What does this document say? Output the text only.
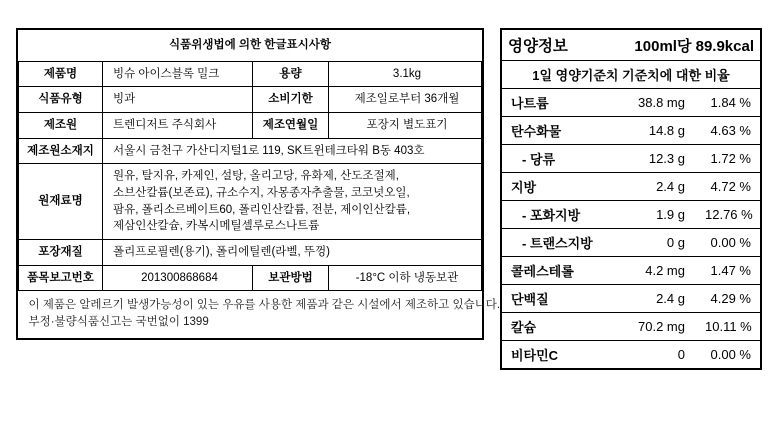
식품위생법에 의한 한글표시사항			
제품명	빙슈 아이스블록 밀크	용량	3.1kg
식품유형	빙과	소비기한	제조일로부터 36개월
제조원	트렌디저트 주식회사	제조연월일	포장지 별도표기
제조원소재지	서울시 금천구 가산디지털1로 119, SK트윈테크타워 B동 403호		
원재료명	원유, 탈지유, 카제인, 설탕, 올리고당, 유화제, 산도조절제,
소브산칼륨(보존료), 규소수지, 자몽종자추출물, 코코넛오일,
팜유, 폴리소르베이트60, 폴리인산칼륨, 전분, 제이인산칼륨,
제삼인산칼슘, 카복시메틸셀루로스나트륨		

포장재질	폴리프로필렌(용기), 폴리에틸렌(라벨, 뚜껑)		
품목보고번호	201300868684	보관방법	-18°C 이하 냉동보관

이 제품은 알레르기 발생가능성이 있는 우유를 사용한 제품과 같은 시설에서 제조하고 있습니다.
부정·불량식품신고는 국번없이 1399			
영양정보 100ml당 89.9kcal		

1일 영양기준치 기준치에 대한 비율		
나트륨	38.8 mg	1.84 %
탄수화물	14.8 g	4.63 %
- 당류	12.3 g	1.72 %
지방	2.4 g	4.72 %
- 포화지방	1.9 g	12.76 %
- 트랜스지방	0 g	0.00 %
콜레스테롤	4.2 mg	1.47 %
단백질	2.4 g	4.29 %
칼슘	70.2 mg	10.11 %
비타민C	0	0.00 %
